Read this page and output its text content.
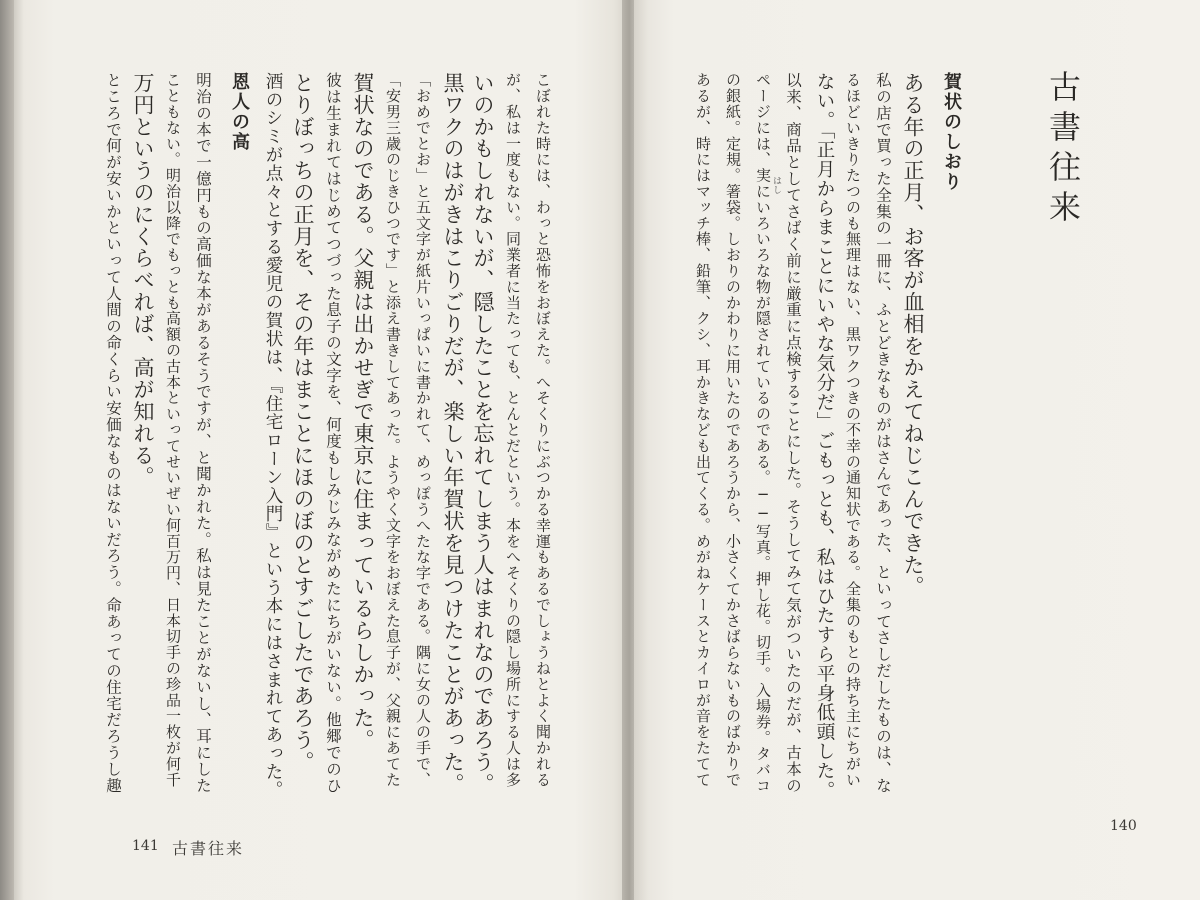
古書往来
賀状のしおり
ある年の正月、お客が血相をかえてねじこんできた。
私の店で買った全集の一冊に、ふとどきなものがはさんであった、といってさしだしたものは、な
るほどいきりたつのも無理はない、黒ワクつきの不幸の通知状である。全集のもとの持ち主にちがい
ない。「正月からまことにいやな気分だ」ごもっとも、私はひたすら平身低頭した。
以来、商品としてさばく前に厳重に点検することにした。そうしてみて気がついたのだが、古本の
ページには、実にいろいろな物が隠されているのである。──写真。押し花。切手。入場券。タバコ はし
の銀紙。定規。箸袋。しおりのかわりに用いたのであろうから、小さくてかさばらないものばかりで
あるが、時にはマッチ棒、鉛筆、クシ、耳かきなども出てくる。めがねケースとカイロが音をたてて
140
こぼれた時には、わっと恐怖をおぼえた。へそくりにぶつかる幸運もあるでしょうねとよく聞かれる
が、私は一度もない。同業者に当たっても、とんとだという。本をへそくりの隠し場所にする人は多
いのかもしれないが、隠したことを忘れてしまう人はまれなのであろう。
黒ワクのはがきはこりごりだが、楽しい年賀状を見つけたことがあった。
「おめでとお」と五文字が紙片いっぱいに書かれて、めっぽうへたな字である。隅に女の人の手で、
「安男三歳のじきひつです」と添え書きしてあった。ようやく文字をおぼえた息子が、父親にあてた
賀状なのである。父親は出かせぎで東京に住まっているらしかった。
彼は生まれてはじめてつづった息子の文字を、何度もしみじみながめたにちがいない。他郷でのひ
とりぼっちの正月を、その年はまことにほのぼのとすごしたであろう。
酒のシミが点々とする愛児の賀状は、『住宅ローン入門』という本にはさまれてあった。
恩人の高
明治の本で一億円もの高価な本があるそうですが、と聞かれた。私は見たことがないし、耳にした
こともない。明治以降でもっとも高額の古本といってせいぜい何百万円、日本切手の珍品一枚が何千
万円というのにくらべれば、高が知れる。
ところで何が安いかといって人間の命くらい安価なものはないだろう。命あっての住宅だろうし趣
141 古書往来
